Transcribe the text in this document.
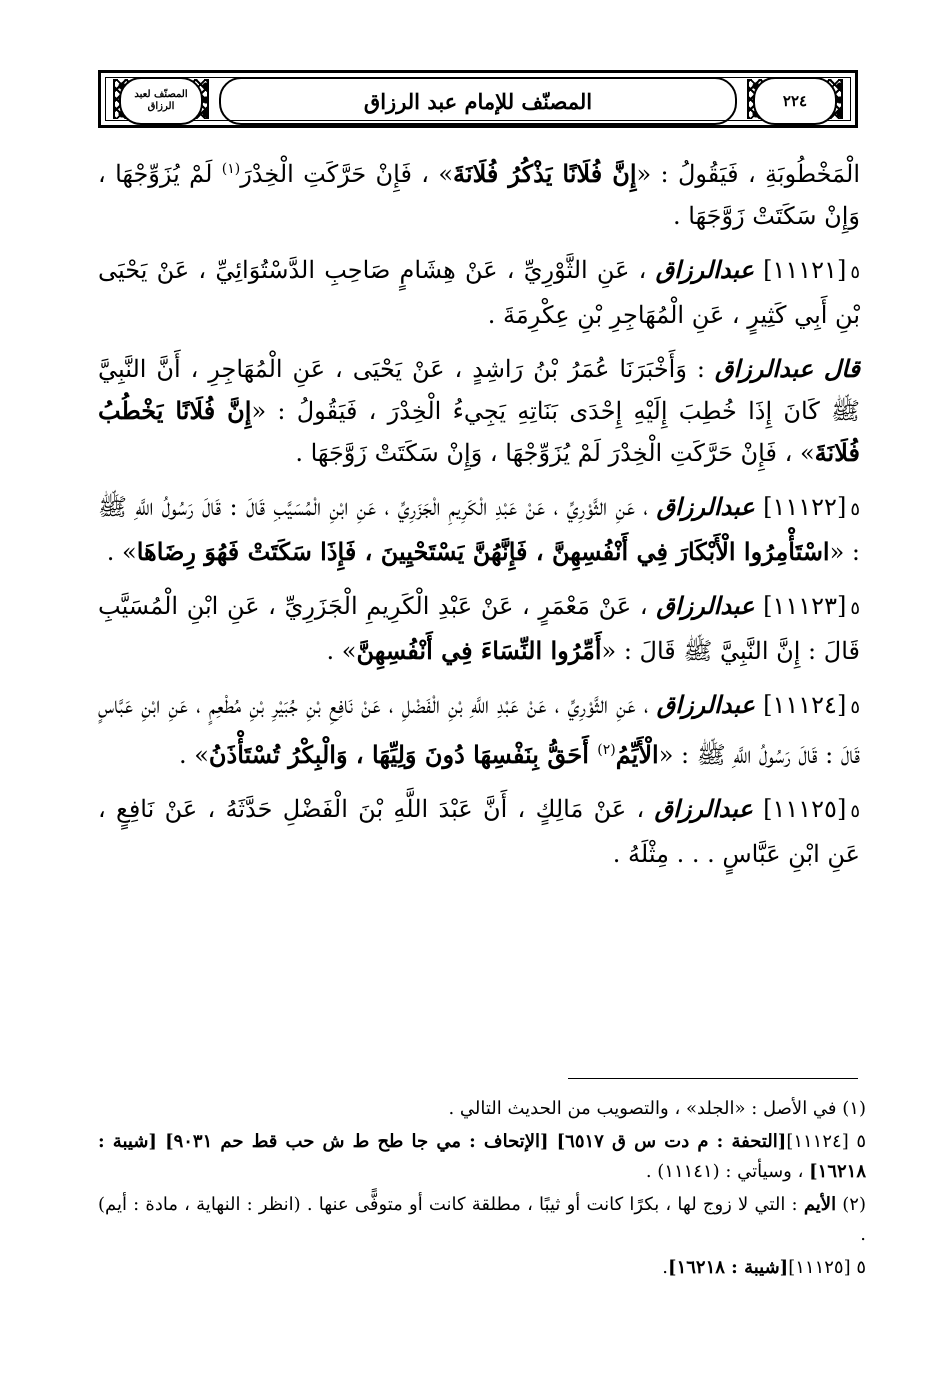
المصنّف لعبد الرزاق	٢٢٤
المصنّف للإمام عبد الرزاق

الْمَخْطُوبَةِ ، فَيَقُولُ : «إِنَّ فُلَانًا يَذْكُرُ فُلَانَةَ» ، فَإِنْ حَرَّكَتِ الْخِدْرَ$^{(١)}$ لَمْ يُزَوِّجْهَا ، وَإِنْ سَكَتَتْ زَوَّجَهَا .

٥[١١١٢١] عبدالرزاق ، عَنِ الثَّوْرِيِّ ، عَنْ هِشَامٍ صَاحِبِ الدَّسْتُوَائِيِّ ، عَنْ يَحْيَى بْنِ أَبِي كَثِيرٍ ، عَنِ الْمُهَاجِرِ بْنِ عِكْرِمَةَ .

قال عبدالرزاق : وَأَخْبَرَنَا عُمَرُ بْنُ رَاشِدٍ ، عَنْ يَحْيَى ، عَنِ الْمُهَاجِرِ ، أَنَّ النَّبِيَّ ﷺ كَانَ إِذَا خُطِبَ إِلَيْهِ إِحْدَى بَنَاتِهِ يَجِيءُ الْخِدْرَ ، فَيَقُولُ : «إِنَّ فُلَانًا يَخْطُبُ فُلَانَةَ» ، فَإِنْ حَرَّكَتِ الْخِدْرَ لَمْ يُزَوِّجْهَا ، وَإِنْ سَكَتَتْ زَوَّجَهَا .

٥[١١١٢٢] عبدالرزاق ، عَنِ الثَّوْرِيِّ ، عَنْ عَبْدِ الْكَرِيمِ الْجَزَرِيِّ ، عَنِ ابْنِ الْمُسَيَّبِ قَالَ : قَالَ رَسُولُ اللَّهِ ﷺ : «اسْتَأْمِرُوا الْأَبْكَارَ فِي أَنْفُسِهِنَّ ، فَإِنَّهُنَّ يَسْتَحْيِينَ ، فَإِذَا سَكَتَتْ فَهُوَ رِضَاهَا» .

٥[١١١٢٣] عبدالرزاق ، عَنْ مَعْمَرٍ ، عَنْ عَبْدِ الْكَرِيمِ الْجَزَرِيِّ ، عَنِ ابْنِ الْمُسَيَّبِ قَالَ : إِنَّ النَّبِيَّ ﷺ قَالَ : «أَمِّرُوا النِّسَاءَ فِي أَنْفُسِهِنَّ» .

٥[١١١٢٤] عبدالرزاق ، عَنِ الثَّوْرِيِّ ، عَنْ عَبْدِ اللَّهِ بْنِ الْفَضْلِ ، عَنْ نَافِعِ بْنِ جُبَيْرِ بْنِ مُطْعِمٍ ، عَنِ ابْنِ عَبَّاسٍ قَالَ : قَالَ رَسُولُ اللَّهِ ﷺ : «الْأَيِّمُ$^{(٢)}$ أَحَقُّ بِنَفْسِهَا دُونَ وَلِيِّهَا ، وَالْبِكْرُ تُسْتَأْذَنُ» .

٥[١١١٢٥] عبدالرزاق ، عَنْ مَالِكٍ ، أَنَّ عَبْدَ اللَّهِ بْنَ الْفَضْلِ حَدَّثَهُ ، عَنْ نَافِعٍ ، عَنِ ابْنِ عَبَّاسٍ . . . مِثْلَهُ .

(١) في الأصل : «الجلد» ، والتصويب من الحديث التالي .

٥ [١١١٢٤][التحفة : م دت س ق ٦٥١٧] [الإتحاف : مي جا طح ط ش حب قط حم ٩٠٣١] [شيبة : ١٦٢١٨] ، وسيأتي : (١١١٤١) .

(٢) الأيم : التي لا زوج لها ، بكرًا كانت أو ثيبًا ، مطلقة كانت أو متوفًّى عنها . (انظر : النهاية ، مادة : أيم) .

٥ [١١١٢٥][شيبة : ١٦٢١٨].
